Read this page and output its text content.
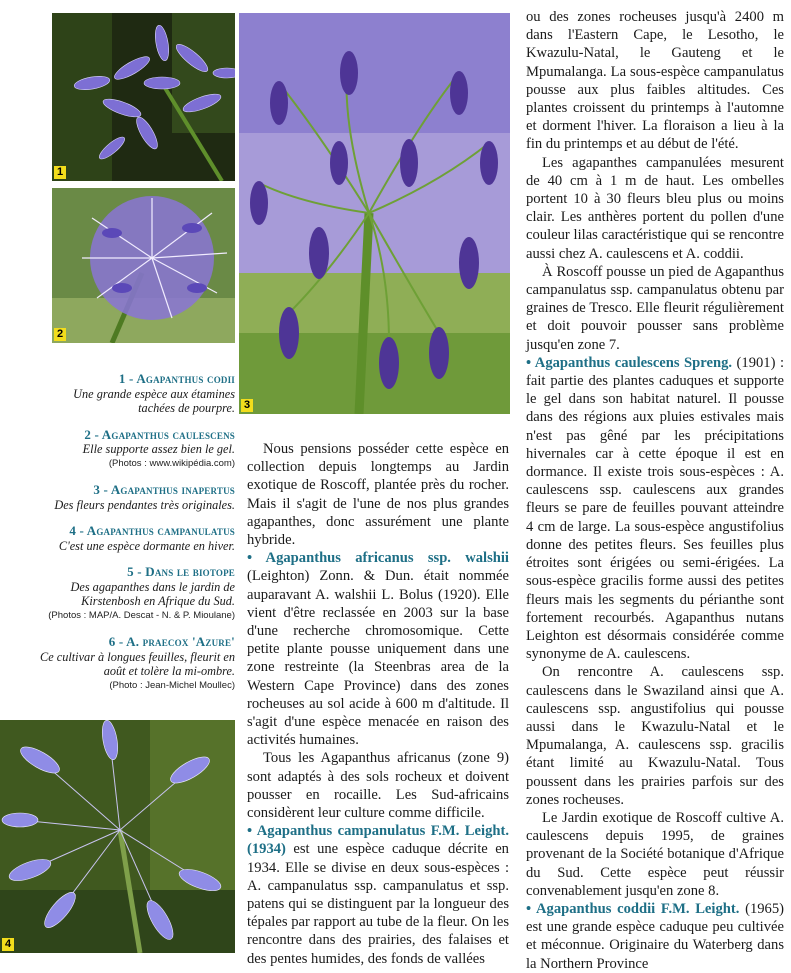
1
2
3
4
1 - Agapanthus codii
Une grande espèce aux étamines tachées de pourpre.
2 - Agapanthus caulescens
Elle supporte assez bien le gel.
(Photos : www.wikipédia.com)
3 - Agapanthus inapertus
Des fleurs pendantes très originales.
4 - Agapanthus campanulatus
C'est une espèce dormante en hiver.
5 - Dans le biotope
Des agapanthes dans le jardin de Kirstenbosh en Afrique du Sud.
(Photos : MAP/A. Descat - N. & P. Mioulane)
6 - A. praecox 'Azure'
Ce cultivar à longues feuilles, fleurit en août et tolère la mi-ombre.
(Photo : Jean-Michel Moullec)

Nous pensions posséder cette espèce en collection depuis longtemps au Jardin exotique de Roscoff, plantée près du rocher. Mais il s'agit de l'une de nos plus grandes agapanthes, donc assurément une plante hybride.

• Agapanthus africanus ssp. walshii (Leighton) Zonn. & Dun. était nommée auparavant A. walshii L. Bolus (1920). Elle vient d'être reclassée en 2003 sur la base d'une recherche chromosomique. Cette petite plante pousse uniquement dans une zone restreinte (la Steenbras area de la Western Cape Province) dans des zones rocheuses au sol acide à 600 m d'altitude. Il s'agit d'une espèce menacée en raison des activités humaines.

Tous les Agapanthus africanus (zone 9) sont adaptés à des sols rocheux et doivent pousser en rocaille. Les Sud-africains considèrent leur culture comme difficile.

• Agapanthus campanulatus F.M. Leight. (1934) est une espèce caduque décrite en 1934. Elle se divise en deux sous-espèces : A. campanulatus ssp. campanulatus et ssp. patens qui se distinguent par la longueur des tépales par rapport au tube de la fleur. On les rencontre dans des prairies, des falaises et des pentes humides, des fonds de vallées

ou des zones rocheuses jusqu'à 2400 m dans l'Eastern Cape, le Lesotho, le Kwazulu-Natal, le Gauteng et le Mpumalanga. La sous-espèce campanulatus pousse aux plus faibles altitudes. Ces plantes croissent du printemps à l'automne et dorment l'hiver. La floraison a lieu à la fin du printemps et au début de l'été.

Les agapanthes campanulées mesurent de 40 cm à 1 m de haut. Les ombelles portent 10 à 30 fleurs bleu plus ou moins clair. Les anthères portent du pollen d'une couleur lilas caractéristique qui se rencontre aussi chez A. caulescens et A. coddii.

À Roscoff pousse un pied de Agapanthus campanulatus ssp. campanulatus obtenu par graines de Tresco. Elle fleurit régulièrement et doit pouvoir pousser sans problème jusqu'en zone 7.

• Agapanthus caulescens Spreng. (1901) : fait partie des plantes caduques et supporte le gel dans son habitat naturel. Il pousse dans des régions aux pluies estivales mais n'est pas gêné par les précipitations hivernales car à cette époque il est en dormance. Il existe trois sous-espèces : A. caulescens ssp. caulescens aux grandes fleurs se pare de feuilles pouvant atteindre 4 cm de large. La sous-espèce angustifolius donne des petites fleurs. Ses feuilles plus étroites sont érigées ou semi-érigées. La sous-espèce gracilis forme aussi des petites fleurs mais les segments du périanthe sont fortement recourbés. Agapanthus nutans Leighton est désormais considérée comme synonyme de A. caulescens.

On rencontre A. caulescens ssp. caulescens dans le Swaziland ainsi que A. caulescens ssp. angustifolius qui pousse aussi dans le Kwazulu-Natal et le Mpumalanga, A. caulescens ssp. gracilis étant limité au Kwazulu-Natal. Tous poussent dans les prairies parfois sur des zones rocheuses.

Le Jardin exotique de Roscoff cultive A. caulescens depuis 1995, de graines provenant de la Société botanique d'Afrique du Sud. Cette espèce peut réussir convenablement jusqu'en zone 8.

• Agapanthus coddii F.M. Leight. (1965) est une grande espèce caduque peu cultivée et méconnue. Originaire du Waterberg dans la Northern Province
